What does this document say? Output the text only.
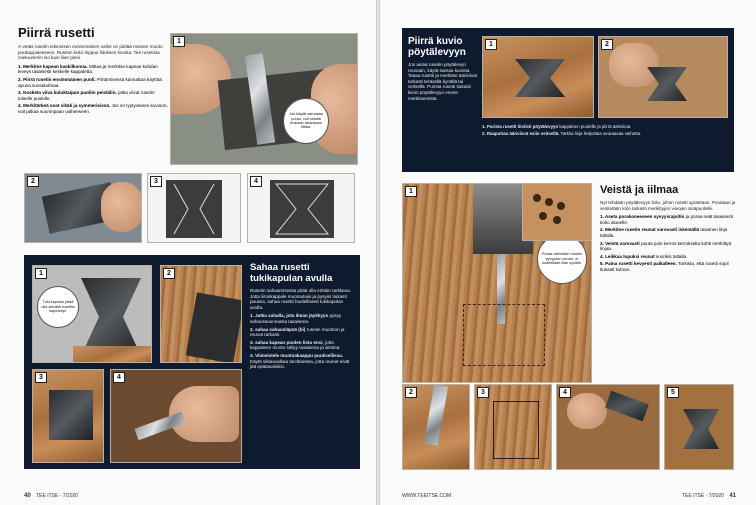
Piirrä rusetti

A-vetäs rusetin tekemisen ensimmäinen vaihe on piirtää ruseten muoto puukappaleeseen. Rusetin koko riippuu liitoksen koosta. Tee rusetista mieluummin iso kuin liian pieni.

1. Merkitse kapean kaskilkonna. Mittaa ja merkitse kapean kohdan leveys tasaisesti keskelle kappaletta.

2. Piirrä rusetin ensimmäinen puoli. Piirtämisessä kannattaa käyttää apuna suorakulmaa.

3. Kosketa viiva kuluktaipan puoliin peisbilin. jatka viivat rusetin toiselle puolelle.

4. Merkitärkeä ovat sikäk ja symmerisissä. Jos on tyytyväinen kuvioon, voit jatkaa suurimpaan vaiheeseen.

1
Jos käytät samasaa puuta, voit selvää mukaan sikänkaan tilttaa.
2	3	4
1
Tuki-kapulan pitää olla selvästi rusettia kapeampi.
2
Sahaa rusetti tukikapulan avulla

Rusetin sahaamisessa pitää olla erittäin tarkkana. Jotta liitoskappale muotoutuisi ja pysyisi tiukasti puussa, sahaa rusetti huolellisesti tukikapulan avulla.

1. Jatka sahalla, jota ilman jäykkyys pysyy sahaussuunnassa tasaisena.

2. sahaa sahausläpsä (bi) rusetin muotoon ja reunat tarkasti.

3. sahaa kapean puolen lista ensi, jotta kappaleen muoto säilyy tasaisena ja siistinä.

4. Viimeistele muotoakaappu puuksellissa. Käytä siklaavalkaa tarvittaessa, jotta reunat eivät jää epätasaisiksi.

3	4
40 TEE ITSE · 7/2020
Piirrä kuvio pöytälevyyn

Jos aiotat rusetin pöytälevyn reunaan, käytä samaa kuviota. Tasaa rusetti ja merkitse ääriviivat tarkasti terävällä kynällä tai veitsellä. Purista rusetti tiukasti kiinni pöytälevyyn ennen merkitsemistä.

1	2

1. Purista rusetti tiiviisti pöytälevyyn kappaleen puolelle ja piirrä ääriviivat.

2. Raaputtaa ääriviivat esiin veitsellä. Tarkka linja helpottaa seuraavaa vaihetta.

1
Poraa vähintään rusetin syvyyden verran, ei kuitenkaan liian syvälle.
Veistä ja iilmaa

Nyt tehdään pöytälevyyn kolo, johon rusetti upotetaan. Porataan ja veistetään kolo tarkasti merkittyjen viivojen sisäpuolelle.

1. Aseta porakoneeseen syvyysrajoitin ja poraa reiät tasaisesti koko alueelle.

2. Merkitse rusetin reunat varovasti iskemällä tasainen linja taltalla.

3. Veistä varovasti puuta pois kerros kerrokselta kohti merkittyä linjaa.

4. Leikkaa lopuksi reunat suoriksi taltalla.

5. Paina rusetti kevyesti paikalleen. Tarkista, että rusetti sopii tiukasti koloon.

2	3	4	5
WWW.TEEITSE.COM	TEE ITSE · 7/2020 41
